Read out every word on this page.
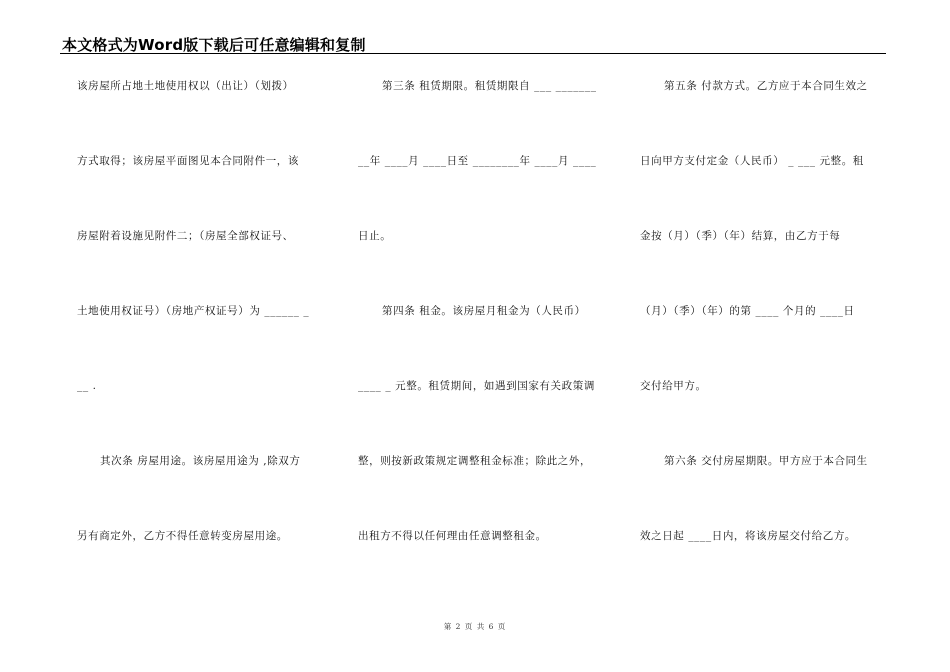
本文格式为Word版下载后可任意编辑和复制
该房屋所占地土地使用权以（出让）（划拨）
方式取得；该房屋平面图见本合同附件一，该
房屋附着设施见附件二；（房屋全部权证号、
土地使用权证号）（房地产权证号）为 ______ _
__ .
其次条 房屋用途。该房屋用途为 ,除双方
另有商定外，乙方不得任意转变房屋用途。
第三条 租赁期限。租赁期限自 ___ _______
__年 ____月 ____日至 ________年 ____月 ____
日止。
第四条 租金。该房屋月租金为（人民币）
____ _ 元整。租赁期间，如遇到国家有关政策调
整，则按新政策规定调整租金标准；除此之外，
出租方不得以任何理由任意调整租金。
第五条 付款方式。乙方应于本合同生效之
日向甲方支付定金（人民币） _ ___ 元整。租
金按（月）（季）（年）结算，由乙方于每
（月）（季）（年）的第 ____ 个月的 ____日
交付给甲方。
第六条 交付房屋期限。甲方应于本合同生
效之日起 ____日内，将该房屋交付给乙方。
第 2 页 共 6 页
